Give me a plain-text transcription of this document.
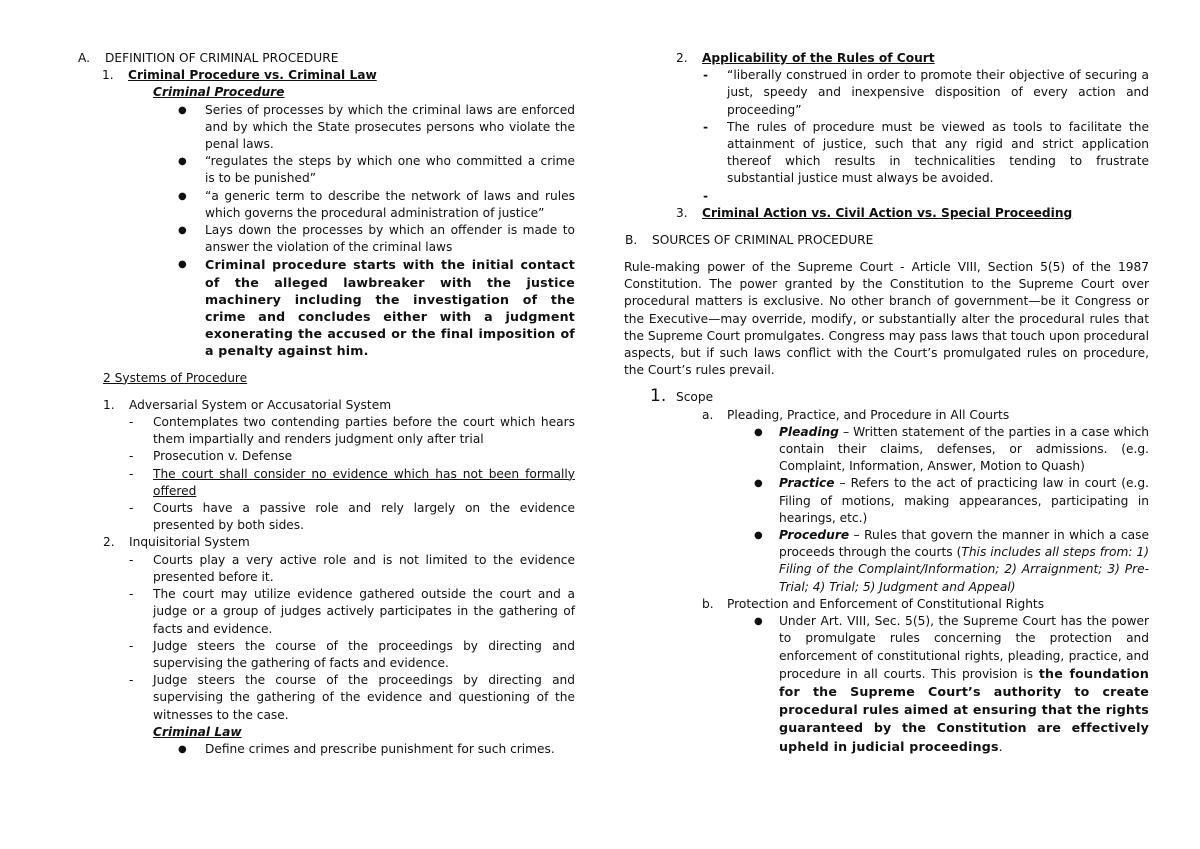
A. DEFINITION OF CRIMINAL PROCEDURE
1. Criminal Procedure vs. Criminal Law
Criminal Procedure
● Series of processes by which the criminal laws are enforced and by which the State prosecutes persons who violate the penal laws.
● “regulates the steps by which one who committed a crime is to be punished”
● “a generic term to describe the network of laws and rules which governs the procedural administration of justice”
● Lays down the processes by which an offender is made to answer the violation of the criminal laws
● Criminal procedure starts with the initial contact of the alleged lawbreaker with the justice machinery including the investigation of the crime and concludes either with a judgment exonerating the accused or the final imposition of a penalty against him.
2 Systems of Procedure
1. Adversarial System or Accusatorial System
- Contemplates two contending parties before the court which hears them impartially and renders judgment only after trial
- Prosecution v. Defense
- The court shall consider no evidence which has not been formally offered
- Courts have a passive role and rely largely on the evidence presented by both sides.
2. Inquisitorial System
- Courts play a very active role and is not limited to the evidence presented before it.
- The court may utilize evidence gathered outside the court and a judge or a group of judges actively participates in the gathering of facts and evidence.
- Judge steers the course of the proceedings by directing and supervising the gathering of facts and evidence.
- Judge steers the course of the proceedings by directing and supervising the gathering of the evidence and questioning of the witnesses to the case.
Criminal Law
● Define crimes and prescribe punishment for such crimes.
2. Applicability of the Rules of Court
- “liberally construed in order to promote their objective of securing a just, speedy and inexpensive disposition of every action and proceeding”
- The rules of procedure must be viewed as tools to facilitate the attainment of justice, such that any rigid and strict application thereof which results in technicalities tending to frustrate substantial justice must always be avoided.
-
3. Criminal Action vs. Civil Action vs. Special Proceeding
B. SOURCES OF CRIMINAL PROCEDURE
Rule-making power of the Supreme Court - Article VIII, Section 5(5) of the 1987 Constitution. The power granted by the Constitution to the Supreme Court over procedural matters is exclusive. No other branch of government—be it Congress or the Executive—may override, modify, or substantially alter the procedural rules that the Supreme Court promulgates. Congress may pass laws that touch upon procedural aspects, but if such laws conflict with the Court’s promulgated rules on procedure, the Court’s rules prevail.
1. Scope
a. Pleading, Practice, and Procedure in All Courts
● Pleading – Written statement of the parties in a case which contain their claims, defenses, or admissions. (e.g. Complaint, Information, Answer, Motion to Quash)
● Practice – Refers to the act of practicing law in court (e.g. Filing of motions, making appearances, participating in hearings, etc.)
● Procedure – Rules that govern the manner in which a case proceeds through the courts (This includes all steps from: 1) Filing of the Complaint/Information; 2) Arraignment; 3) Pre-Trial; 4) Trial; 5) Judgment and Appeal)
b. Protection and Enforcement of Constitutional Rights
● Under Art. VIII, Sec. 5(5), the Supreme Court has the power to promulgate rules concerning the protection and enforcement of constitutional rights, pleading, practice, and procedure in all courts. This provision is the foundation for the Supreme Court’s authority to create procedural rules aimed at ensuring that the rights guaranteed by the Constitution are effectively upheld in judicial proceedings.
